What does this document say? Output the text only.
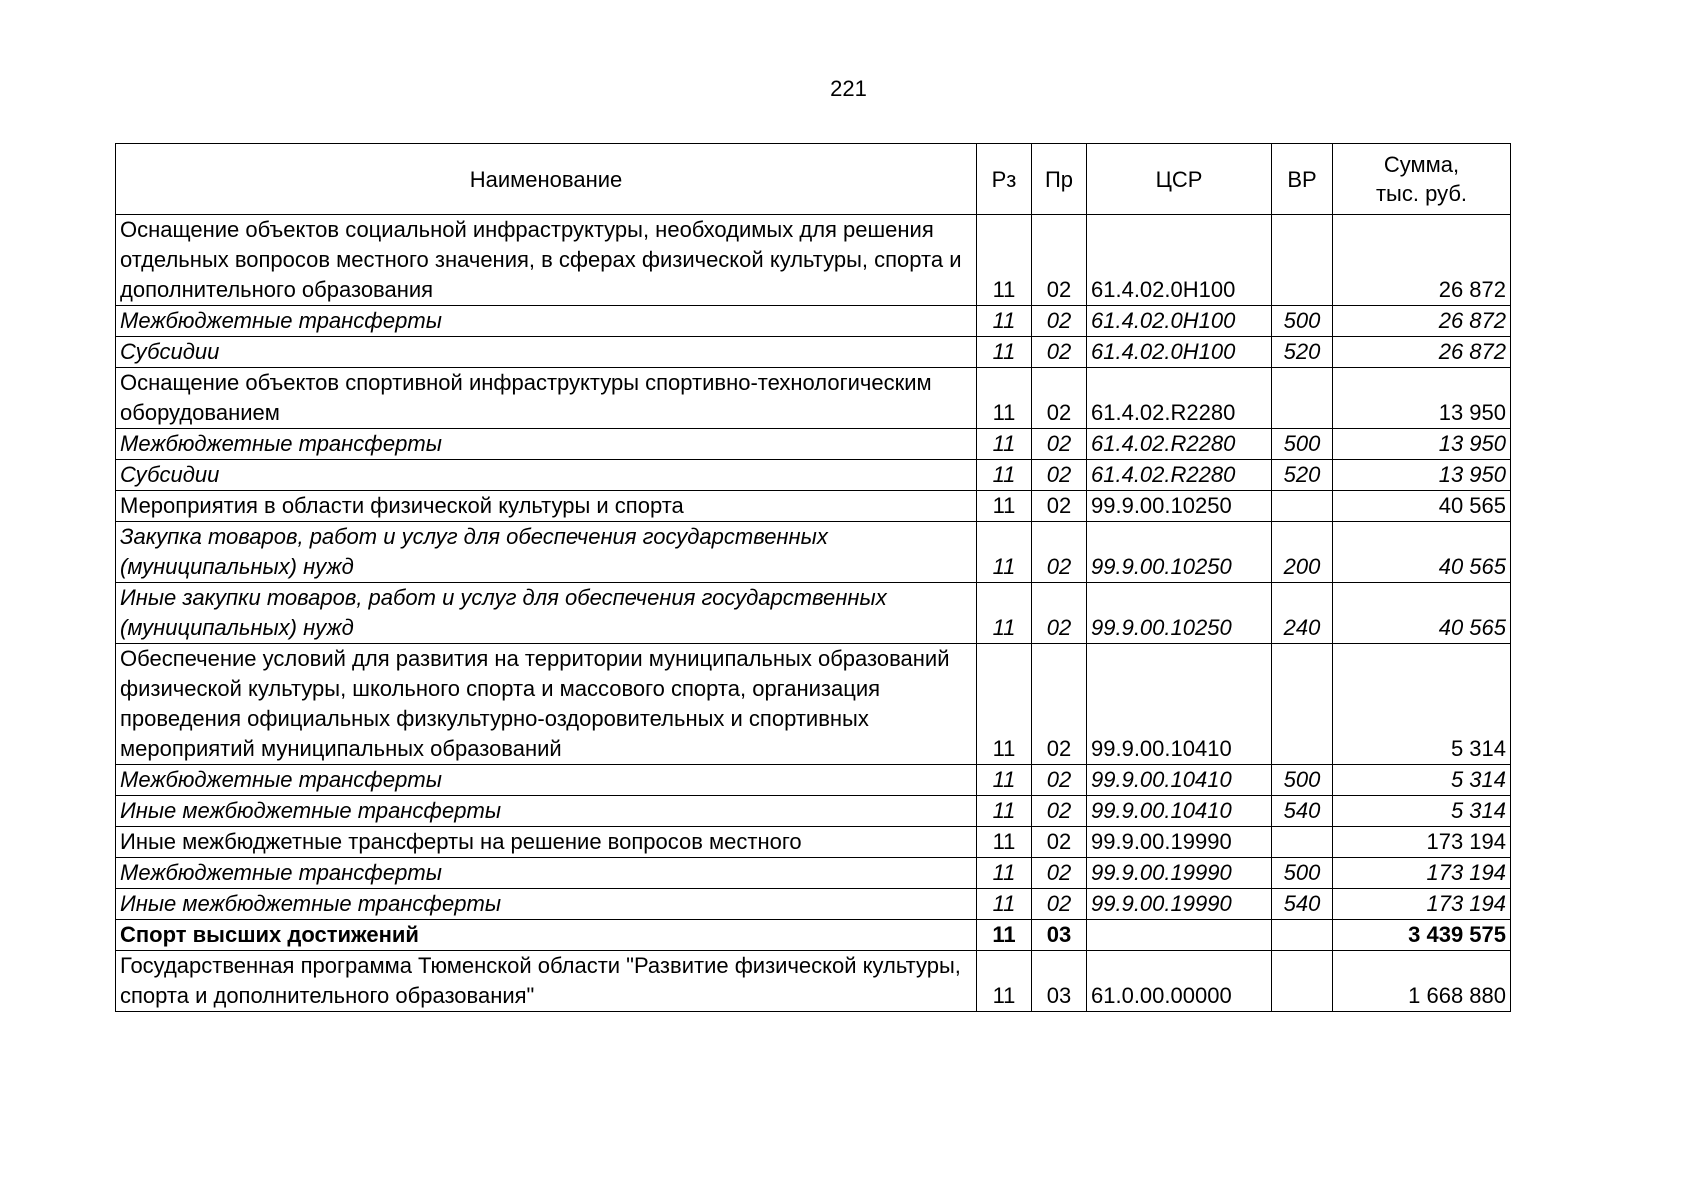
221
Наименование	Рз	Пр	ЦСР	ВР	Сумма,
тыс. руб.
Оснащение объектов социальной инфраструктуры, необходимых для решения отдельных вопросов местного значения, в сферах физической культуры, спорта и дополнительного образования	11	02	61.4.02.0Н100		26 872
Межбюджетные трансферты	11	02	61.4.02.0Н100	500	26 872
Субсидии	11	02	61.4.02.0Н100	520	26 872
Оснащение объектов спортивной инфраструктуры спортивно-технологическим оборудованием	11	02	61.4.02.R2280		13 950
Межбюджетные трансферты	11	02	61.4.02.R2280	500	13 950
Субсидии	11	02	61.4.02.R2280	520	13 950
Мероприятия в области физической культуры и спорта	11	02	99.9.00.10250		40 565
Закупка товаров, работ и услуг для обеспечения государственных (муниципальных) нужд	11	02	99.9.00.10250	200	40 565
Иные закупки товаров, работ и услуг для обеспечения государственных (муниципальных) нужд	11	02	99.9.00.10250	240	40 565
Обеспечение условий для развития на территории муниципальных образований физической культуры, школьного спорта и массового спорта, организация проведения официальных физкультурно-оздоровительных и спортивных мероприятий муниципальных образований	11	02	99.9.00.10410		5 314
Межбюджетные трансферты	11	02	99.9.00.10410	500	5 314
Иные межбюджетные трансферты	11	02	99.9.00.10410	540	5 314
Иные межбюджетные трансферты на решение вопросов местного	11	02	99.9.00.19990		173 194
Межбюджетные трансферты	11	02	99.9.00.19990	500	173 194
Иные межбюджетные трансферты	11	02	99.9.00.19990	540	173 194
Спорт высших достижений	11	03			3 439 575
Государственная программа Тюменской области "Развитие физической культуры, спорта и дополнительного образования"	11	03	61.0.00.00000		1 668 880
